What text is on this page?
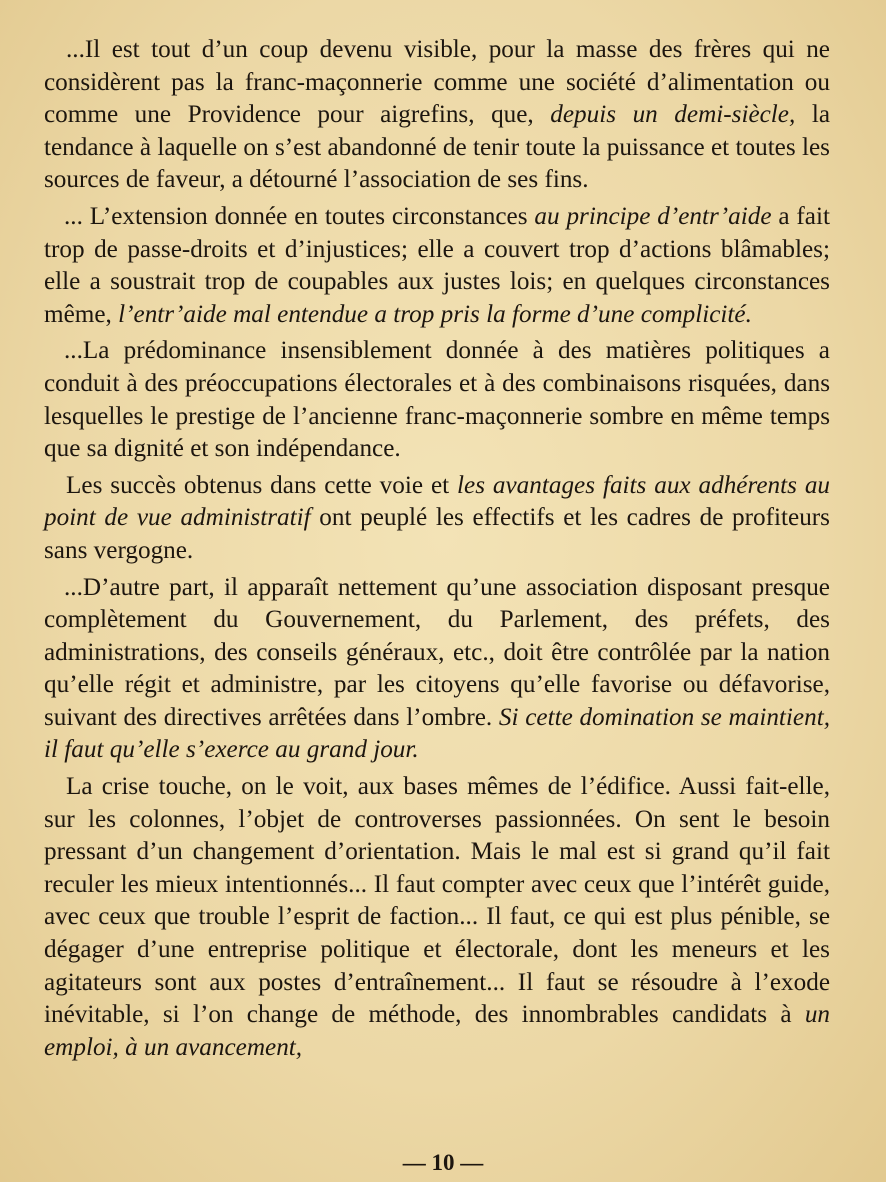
...Il est tout d’un coup devenu visible, pour la masse des frères qui ne considèrent pas la franc-maçonnerie comme une société d’alimentation ou comme une Providence pour aigrefins, que, depuis un demi-siècle, la tendance à laquelle on s’est abandonné de tenir toute la puissance et toutes les sources de faveur, a détourné l’association de ses fins.

... L’extension donnée en toutes circonstances au principe d’entr’aide a fait trop de passe-droits et d’injustices; elle a couvert trop d’actions blâmables; elle a soustrait trop de coupables aux justes lois; en quelques circonstances même, l’entr’aide mal entendue a trop pris la forme d’une complicité.

...La prédominance insensiblement donnée à des matières politiques a conduit à des préoccupations électorales et à des combinaisons risquées, dans lesquelles le prestige de l’ancienne franc-maçonnerie sombre en même temps que sa dignité et son indépendance.

Les succès obtenus dans cette voie et les avantages faits aux adhérents au point de vue administratif ont peuplé les effectifs et les cadres de profiteurs sans vergogne.

...D’autre part, il apparaît nettement qu’une association disposant presque complètement du Gouvernement, du Parlement, des préfets, des administrations, des conseils généraux, etc., doit être contrôlée par la nation qu’elle régit et administre, par les citoyens qu’elle favorise ou défavorise, suivant des directives arrêtées dans l’ombre. Si cette domination se maintient, il faut qu’elle s’exerce au grand jour.

La crise touche, on le voit, aux bases mêmes de l’édifice. Aussi fait-elle, sur les colonnes, l’objet de controverses passionnées. On sent le besoin pressant d’un changement d’orientation. Mais le mal est si grand qu’il fait reculer les mieux intentionnés... Il faut compter avec ceux que l’intérêt guide, avec ceux que trouble l’esprit de faction... Il faut, ce qui est plus pénible, se dégager d’une entreprise politique et électorale, dont les meneurs et les agitateurs sont aux postes d’entraînement... Il faut se résoudre à l’exode inévitable, si l’on change de méthode, des innombrables candidats à un emploi, à un avancement,

— 10 —
